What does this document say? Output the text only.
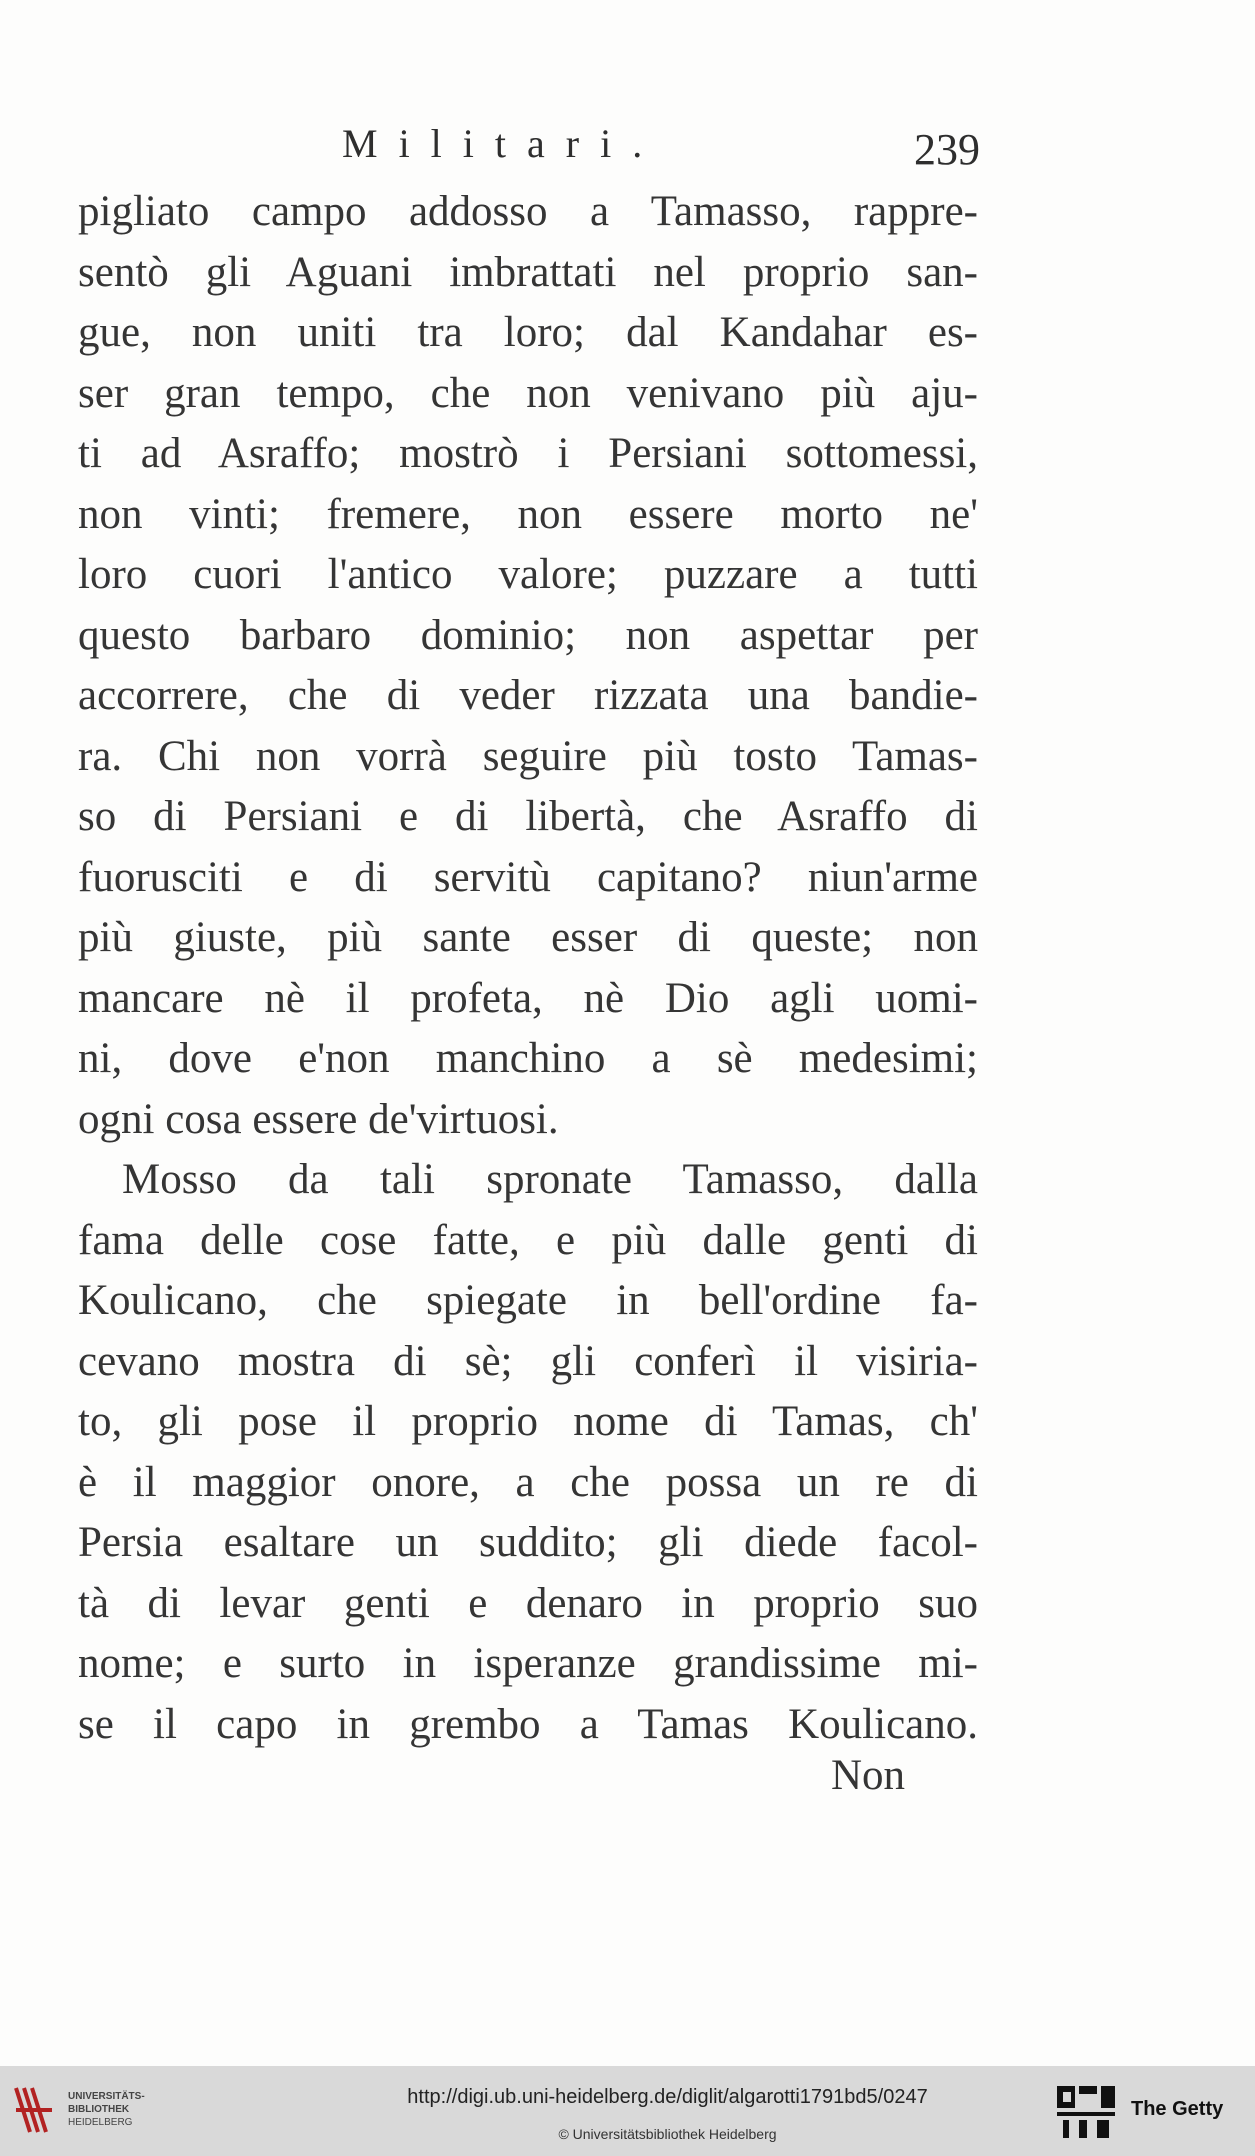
Militari.	239
pigliato campo addosso a Tamasso, rappre-
sentò gli Aguani imbrattati nel proprio san-
gue, non uniti tra loro; dal Kandahar es-
ser gran tempo, che non venivano più aju-
ti ad Asraffo; mostrò i Persiani sottomessi,
non vinti; fremere, non essere morto ne'
loro cuori l'antico valore; puzzare a tutti
questo barbaro dominio; non aspettar per
accorrere, che di veder rizzata una bandie-
ra. Chi non vorrà seguire più tosto Tamas-
so di Persiani e di libertà, che Asraffo di
fuorusciti e di servitù capitano? niun'arme
più giuste, più sante esser di queste; non
mancare nè il profeta, nè Dio agli uomi-
ni, dove e'non manchino a sè medesimi;
ogni cosa essere de'virtuosi.
Mosso da tali spronate Tamasso, dalla
fama delle cose fatte, e più dalle genti di
Koulicano, che spiegate in bell'ordine fa-
cevano mostra di sè; gli conferì il visiria-
to, gli pose il proprio nome di Tamas, ch'
è il maggior onore, a che possa un re di
Persia esaltare un suddito; gli diede facol-
tà di levar genti e denaro in proprio suo
nome; e surto in isperanze grandissime mi-
se il capo in grembo a Tamas Koulicano.
Non
UNIVERSITÄTS-
BIBLIOTHEK
HEIDELBERG
http://digi.ub.uni-heidelberg.de/diglit/algarotti1791bd5/0247
© Universitätsbibliothek Heidelberg
The Getty
